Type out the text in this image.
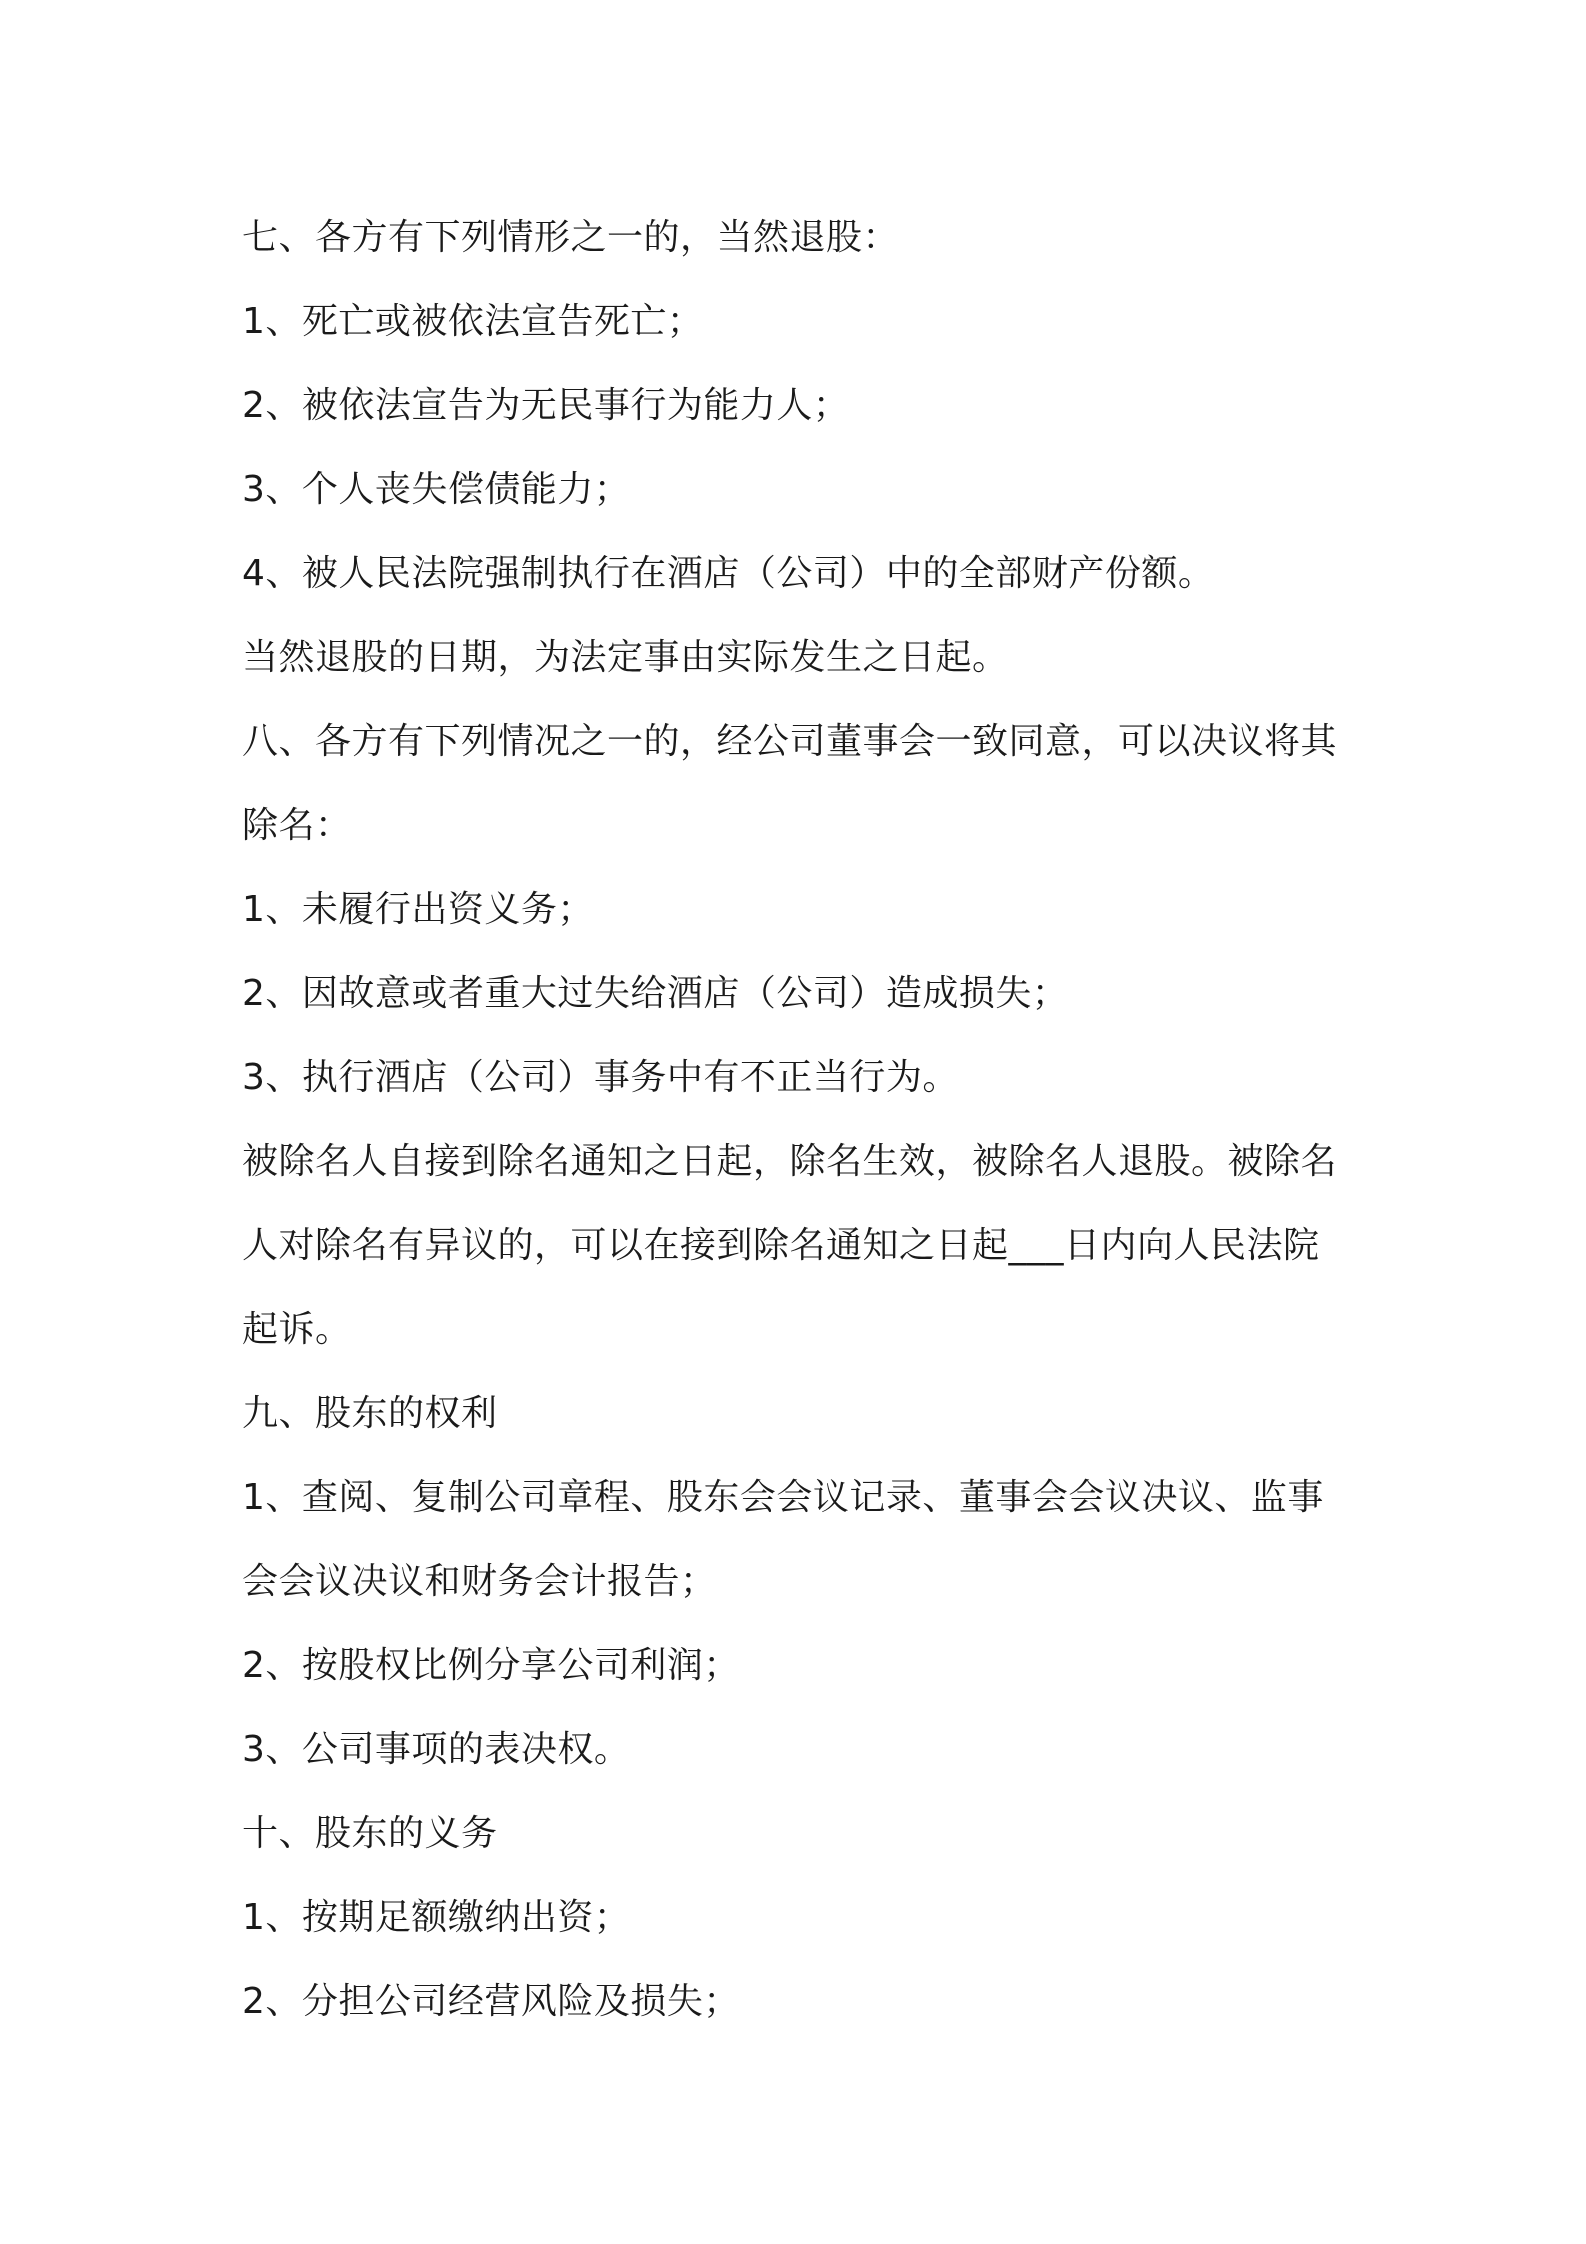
七、各方有下列情形之一的，当然退股：
1、死亡或被依法宣告死亡；
2、被依法宣告为无民事行为能力人；
3、个人丧失偿债能力；
4、被人民法院强制执行在酒店（公司）中的全部财产份额。
当然退股的日期，为法定事由实际发生之日起。
八、各方有下列情况之一的，经公司董事会一致同意，可以决议将其
除名：
1、未履行出资义务；
2、因故意或者重大过失给酒店（公司）造成损失；
3、执行酒店（公司）事务中有不正当行为。
被除名人自接到除名通知之日起，除名生效，被除名人退股。被除名
人对除名有异议的，可以在接到除名通知之日起___日内向人民法院
起诉。
九、股东的权利
1、查阅、复制公司章程、股东会会议记录、董事会会议决议、监事
会会议决议和财务会计报告；
2、按股权比例分享公司利润；
3、公司事项的表决权。
十、股东的义务
1、按期足额缴纳出资；
2、分担公司经营风险及损失；
